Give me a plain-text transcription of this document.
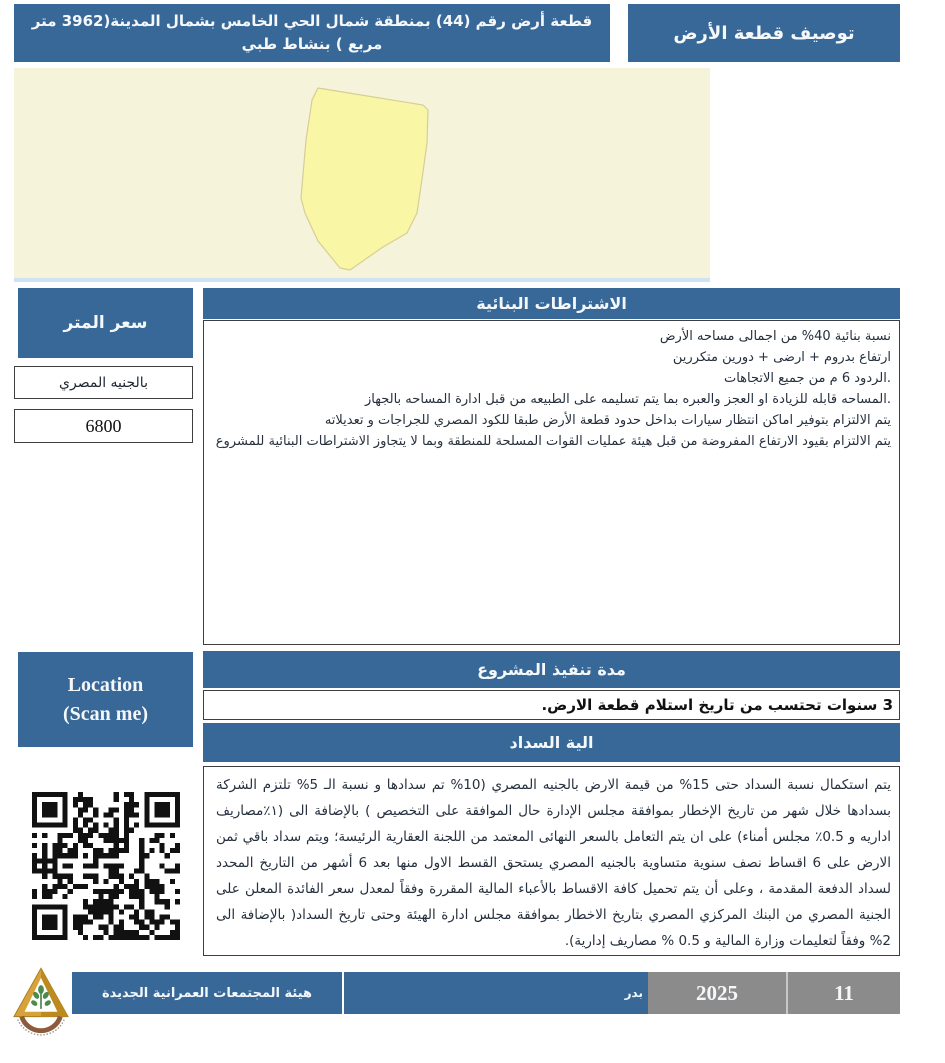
قطعة أرض رقم (44) بمنطقة شمال الحي الخامس بشمال المدينة(3962 متر مربع ) بنشاط طبي
توصيف قطعة الأرض
سعر المتر
بالجنيه المصري
6800
الاشتراطات البنائية
نسبة بنائية 40% من اجمالى مساحه الأرض
ارتفاع بدروم + ارضى + دورين متكررين
.الردود 6 م من جميع الاتجاهات
.المساحه قابله للزيادة او العجز والعبره بما يتم تسليمه على الطبيعه من قبل ادارة المساحه بالجهاز
يتم الالتزام بتوفير اماكن انتظار سيارات بداخل حدود قطعة الأرض طبقا للكود المصري للجراجات و تعديلاته
يتم الالتزام بقيود الارتفاع المفروضة من قبل هيئة عمليات القوات المسلحة للمنطقة وبما لا يتجاوز الاشتراطات البنائية للمشروع
مدة تنفيذ المشروع
3 سنوات تحتسب من تاريخ استلام قطعة الارض.
الية السداد
يتم استكمال نسبة السداد حتى 15% من قيمة الارض بالجنيه المصري (10% تم سدادها و نسبة الـ 5% تلتزم الشركة بسدادها خلال شهر من تاريخ الإخطار بموافقة مجلس الإدارة حال الموافقة على التخصيص ) بالإضافة الى (١٪مصاريف اداريه و 0.5٪ مجلس أمناء) على ان يتم التعامل بالسعر النهائى المعتمد من اللجنة العقارية الرئيسة؛ ويتم سداد باقي ثمن الارض على 6 اقساط نصف سنوية متساوية بالجنيه المصري يستحق القسط الاول منها بعد 6 أشهر من التاريخ المحدد لسداد الدفعة المقدمة ، وعلى أن يتم تحميل كافة الاقساط بالأعباء المالية المقررة وفقاً لمعدل سعر الفائدة المعلن على الجنية المصري من البنك المركزي المصري بتاريخ الاخطار بموافقة مجلس ادارة الهيئة وحتى تاريخ السداد( بالإضافة الى 2% وفقاً لتعليمات وزارة المالية و 0.5 % مصاريف إدارية).
Location
(Scan me)
هيئة المجتمعات العمرانية الجديدة	بدر	2025	11
